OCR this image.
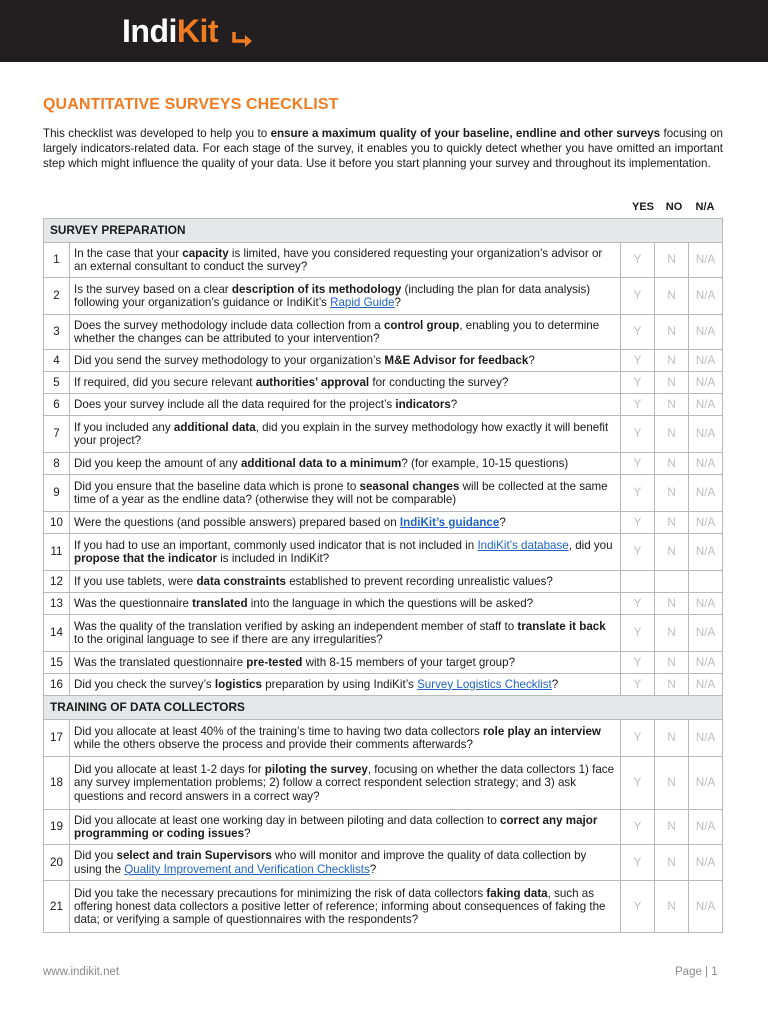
IndiKit
QUANTITATIVE SURVEYS CHECKLIST

This checklist was developed to help you to ensure a maximum quality of your baseline, endline and other surveys focusing on largely indicators-related data. For each stage of the survey, it enables you to quickly detect whether you have omitted an important step which might influence the quality of your data. Use it before you start planning your survey and throughout its implementation.

YES	NO	N/A
SURVEY PREPARATION				
1	In the case that your capacity is limited, have you considered requesting your organization’s advisor or an external consultant to conduct the survey?	Y	N	N/A
2	Is the survey based on a clear description of its methodology (including the plan for data analysis) following your organization’s guidance or IndiKit’s Rapid Guide?	Y	N	N/A
3	Does the survey methodology include data collection from a control group, enabling you to determine whether the changes can be attributed to your intervention?	Y	N	N/A
4	Did you send the survey methodology to your organization’s M&E Advisor for feedback?	Y	N	N/A
5	If required, did you secure relevant authorities’ approval for conducting the survey?	Y	N	N/A
6	Does your survey include all the data required for the project’s indicators?	Y	N	N/A
7	If you included any additional data, did you explain in the survey methodology how exactly it will benefit your project?	Y	N	N/A
8	Did you keep the amount of any additional data to a minimum? (for example, 10-15 questions)	Y	N	N/A
9	Did you ensure that the baseline data which is prone to seasonal changes will be collected at the same time of a year as the endline data? (otherwise they will not be comparable)	Y	N	N/A
10	Were the questions (and possible answers) prepared based on IndiKit’s guidance?	Y	N	N/A
11	If you had to use an important, commonly used indicator that is not included in IndiKit’s database, did you propose that the indicator is included in IndiKit?	Y	N	N/A
12	If you use tablets, were data constraints established to prevent recording unrealistic values?			
13	Was the questionnaire translated into the language in which the questions will be asked?	Y	N	N/A
14	Was the quality of the translation verified by asking an independent member of staff to translate it back to the original language to see if there are any irregularities?	Y	N	N/A
15	Was the translated questionnaire pre-tested with 8-15 members of your target group?	Y	N	N/A
16	Did you check the survey’s logistics preparation by using IndiKit’s Survey Logistics Checklist?	Y	N	N/A
TRAINING OF DATA COLLECTORS				
17	Did you allocate at least 40% of the training’s time to having two data collectors role play an interview while the others observe the process and provide their comments afterwards?	Y	N	N/A
18	Did you allocate at least 1-2 days for piloting the survey, focusing on whether the data collectors 1) face any survey implementation problems; 2) follow a correct respondent selection strategy; and 3) ask questions and record answers in a correct way?	Y	N	N/A
19	Did you allocate at least one working day in between piloting and data collection to correct any major programming or coding issues?	Y	N	N/A
20	Did you select and train Supervisors who will monitor and improve the quality of data collection by using the Quality Improvement and Verification Checklists?	Y	N	N/A
21	Did you take the necessary precautions for minimizing the risk of data collectors faking data, such as offering honest data collectors a positive letter of reference; informing about consequences of faking the data; or verifying a sample of questionnaires with the respondents?	Y	N	N/A
www.indikit.net	Page | 1
